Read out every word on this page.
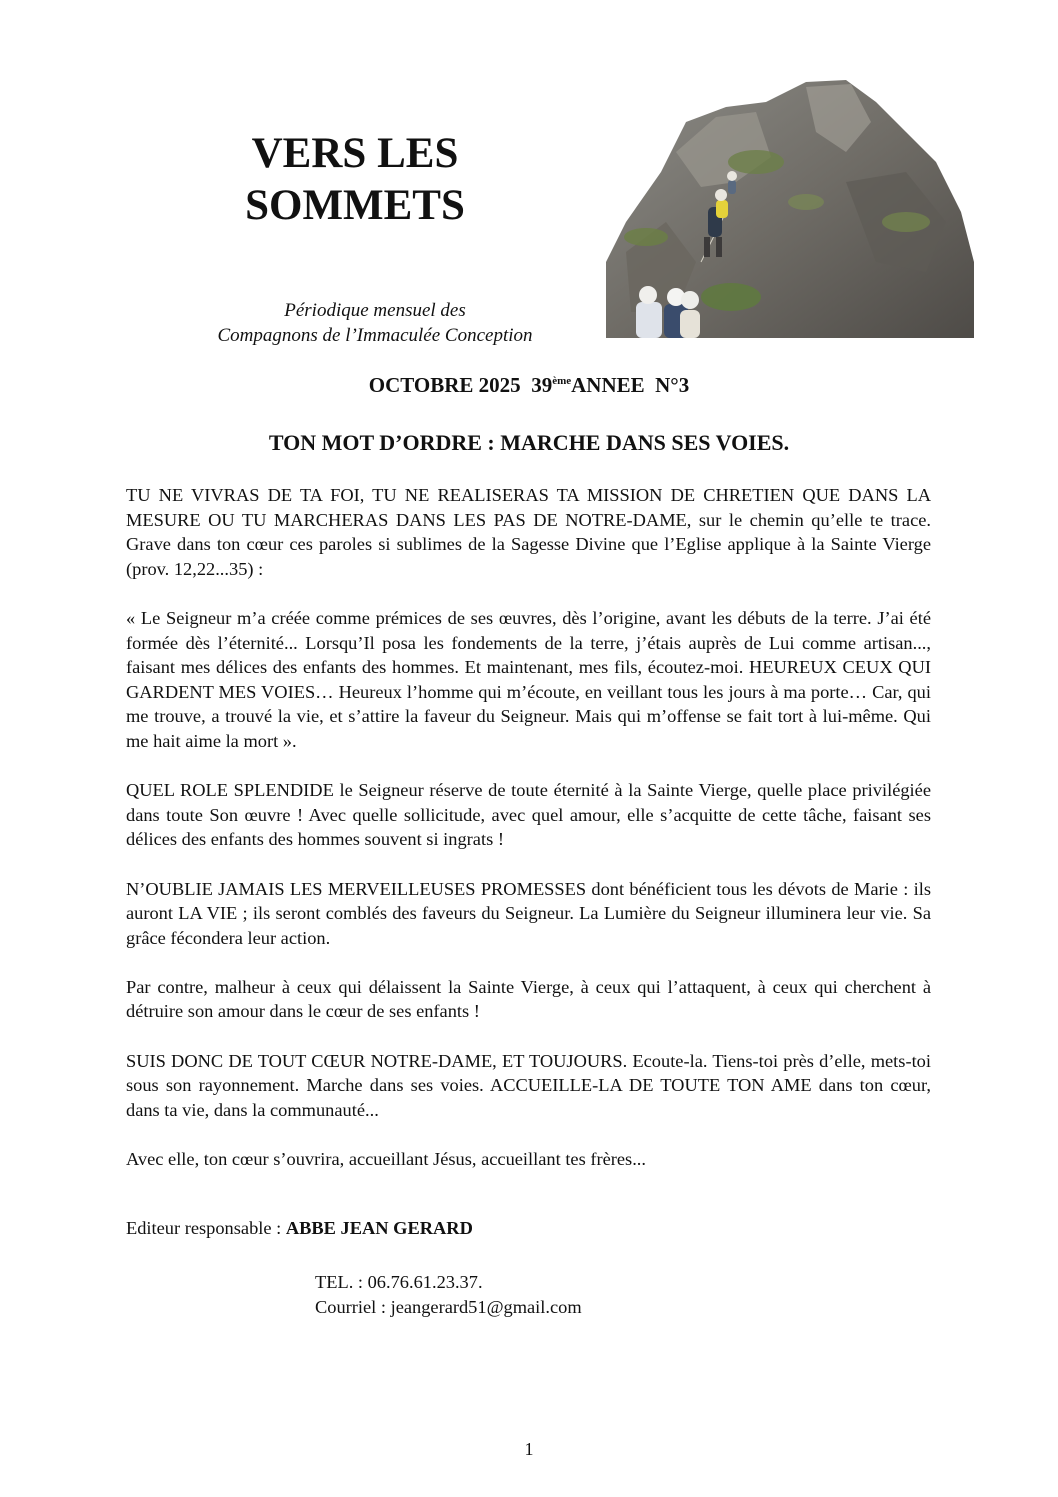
VERS LES
SOMMETS
Périodique mensuel des
Compagnons de l’Immaculée Conception
OCTOBRE 2025 39èmeANNEE N°3
TON MOT D’ORDRE : MARCHE DANS SES VOIES.

TU NE VIVRAS DE TA FOI, TU NE REALISERAS TA MISSION DE CHRETIEN QUE DANS LA MESURE OU TU MARCHERAS DANS LES PAS DE NOTRE-DAME, sur le chemin qu’elle te trace. Grave dans ton cœur ces paroles si sublimes de la Sagesse Divine que l’Eglise applique à la Sainte Vierge (prov. 12,22...35) :

« Le Seigneur m’a créée comme prémices de ses œuvres, dès l’origine, avant les débuts de la terre. J’ai été formée dès l’éternité... Lorsqu’Il posa les fondements de la terre, j’étais auprès de Lui comme artisan..., faisant mes délices des enfants des hommes. Et maintenant, mes fils, écoutez-moi. HEUREUX CEUX QUI GARDENT MES VOIES… Heureux l’homme qui m’écoute, en veillant tous les jours à ma porte… Car, qui me trouve, a trouvé la vie, et s’attire la faveur du Seigneur. Mais qui m’offense se fait tort à lui-même. Qui me hait aime la mort ».

QUEL ROLE SPLENDIDE le Seigneur réserve de toute éternité à la Sainte Vierge, quelle place privilégiée dans toute Son œuvre ! Avec quelle sollicitude, avec quel amour, elle s’acquitte de cette tâche, faisant ses délices des enfants des hommes souvent si ingrats !

N’OUBLIE JAMAIS LES MERVEILLEUSES PROMESSES dont bénéficient tous les dévots de Marie : ils auront LA VIE ; ils seront comblés des faveurs du Seigneur. La Lumière du Seigneur illuminera leur vie. Sa grâce fécondera leur action.

Par contre, malheur à ceux qui délaissent la Sainte Vierge, à ceux qui l’attaquent, à ceux qui cherchent à détruire son amour dans le cœur de ses enfants !

SUIS DONC DE TOUT CŒUR NOTRE-DAME, ET TOUJOURS. Ecoute-la. Tiens-toi près d’elle, mets-toi sous son rayonnement. Marche dans ses voies. ACCUEILLE-LA DE TOUTE TON AME dans ton cœur, dans ta vie, dans la communauté...

Avec elle, ton cœur s’ouvrira, accueillant Jésus, accueillant tes frères...

Editeur responsable : ABBE JEAN GERARD
TEL. : 06.76.61.23.37.
Courriel : jeangerard51@gmail.com
1
